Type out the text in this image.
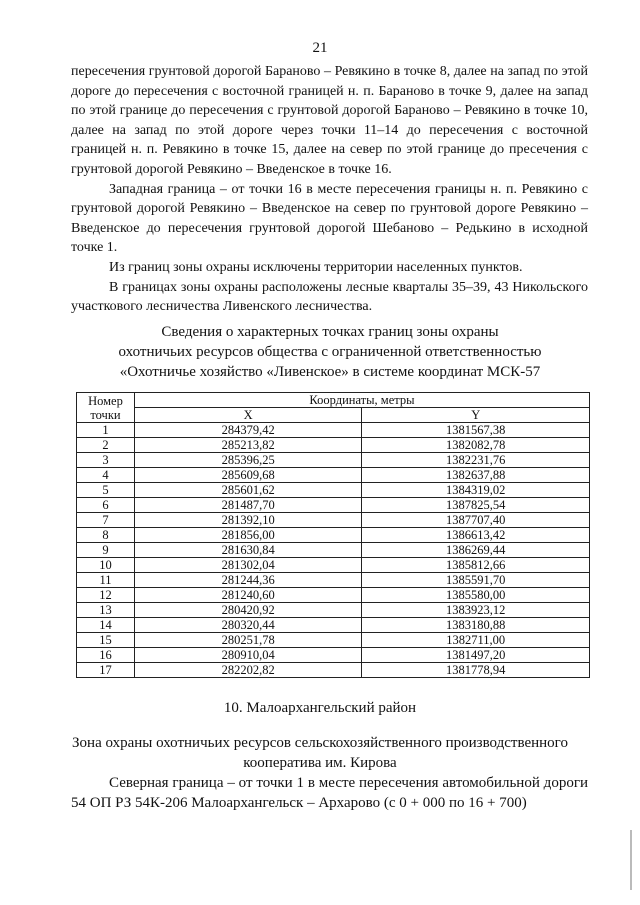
21

пересечения грунтовой дорогой Бараново – Ревякино в точке 8, далее на запад по этой дороге до пересечения с восточной границей н. п. Бараново в точке 9, далее на запад по этой границе до пересечения с грунтовой дорогой Бараново – Ревякино в точке 10, далее на запад по этой дороге через точки 11–14 до пересечения с восточной границей н. п. Ревякино в точке 15, далее на север по этой границе до пресечения с грунтовой дорогой Ревякино – Введенское в точке 16.

Западная граница – от точки 16 в месте пересечения границы н. п. Ревякино с грунтовой дорогой Ревякино – Введенское на север по грунтовой дороге Ревякино – Введенское до пересечения грунтовой дорогой Шебаново – Редькино в исходной точке 1.

Из границ зоны охраны исключены территории населенных пунктов.

В границах зоны охраны расположены лесные кварталы 35–39, 43 Никольского участкового лесничества Ливенского лесничества.

Сведения о характерных точках границ зоны охраны
охотничьих ресурсов общества с ограниченной ответственностью
«Охотничье хозяйство «Ливенское» в системе координат МСК-57
Номер
точки	Координаты, метры	
	X	Y
1	284379,42	1381567,38
2	285213,82	1382082,78
3	285396,25	1382231,76
4	285609,68	1382637,88
5	285601,62	1384319,02
6	281487,70	1387825,54
7	281392,10	1387707,40
8	281856,00	1386613,42
9	281630,84	1386269,44
10	281302,04	1385812,66
11	281244,36	1385591,70
12	281240,60	1385580,00
13	280420,92	1383923,12
14	280320,44	1383180,88
15	280251,78	1382711,00
16	280910,04	1381497,20
17	282202,82	1381778,94
10. Малоархангельский район
Зона охраны охотничьих ресурсов сельскохозяйственного производственного
кооператива им. Кирова

Северная граница – от точки 1 в месте пересечения автомобильной дороги 54 ОП РЗ 54К-206 Малоархангельск – Архарово (с 0 + 000 по 16 + 700)
